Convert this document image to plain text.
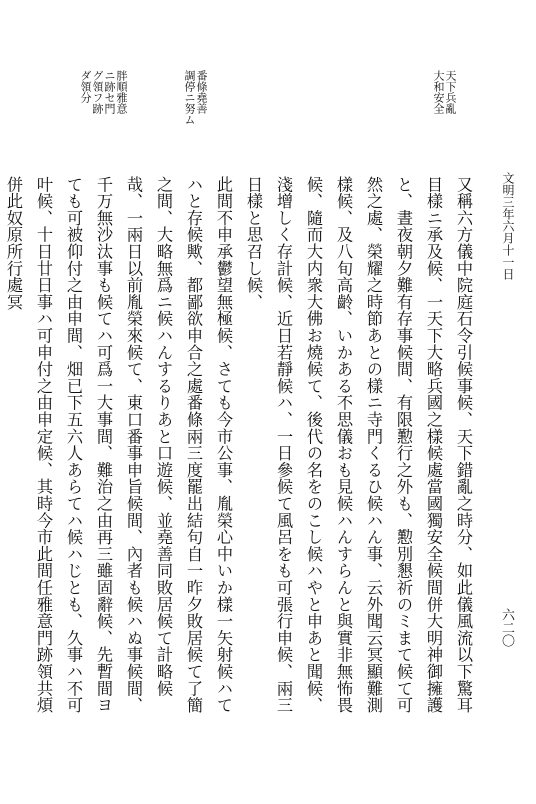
天下兵亂
大和安全
番條堯善
調停ニ努ム
胖順雅意
ニ跡セ門
グ領フ跡
ダ領分
文明三年六月十一日
六二〇

又稱六方儀中院庭石令引候事候、天下錯亂之時分、如此儀風流以下驚耳目樣ニ承及候、一天下大略兵國之樣候處當國獨安全候間併大明神御擁護と、晝夜朝夕難有存事候間、有限懃行之外も、懃別懇祈のミまて候て可然之處、榮耀之時節あとの樣ニ寺門くるひ候ハん事、云外聞云冥顯難測樣候、及八旬高齡、いかある不思儀おも見候ハんすらんと與實非無怖畏候、隨而大内衆大佛お燒候て、後代の名をのこし候ハやと申あと聞候、淺增しく存計候、近日若靜候ハ、一日參候て風呂をも可張行申候、兩三日樣と思召し候、

此間不申承鬱望無極候、さても今市公事、胤榮心中いか樣一矢射候ハてハと存候歟、都鄙欲申合之處番條兩三度罷出結句自一昨夕敗居候て了簡之間、大略無爲ニ候ハんするりあと口遊候、並堯善同敗居候て計略候哉、一兩日以前胤榮來候て、東口番事申旨候間、內者も候ハぬ事候間、千万無沙汰事も候てハ可爲一大事間、難治之由再三雖固辭候、先暫間ヨても可被仰付之由申間、畑已下五六人あらてハ候ハじとも、久事ハ不可叶候、十日廿日事ハ可申付之由申定候、其時今市此間任雅意門跡領共煩併此奴原所行處冥
